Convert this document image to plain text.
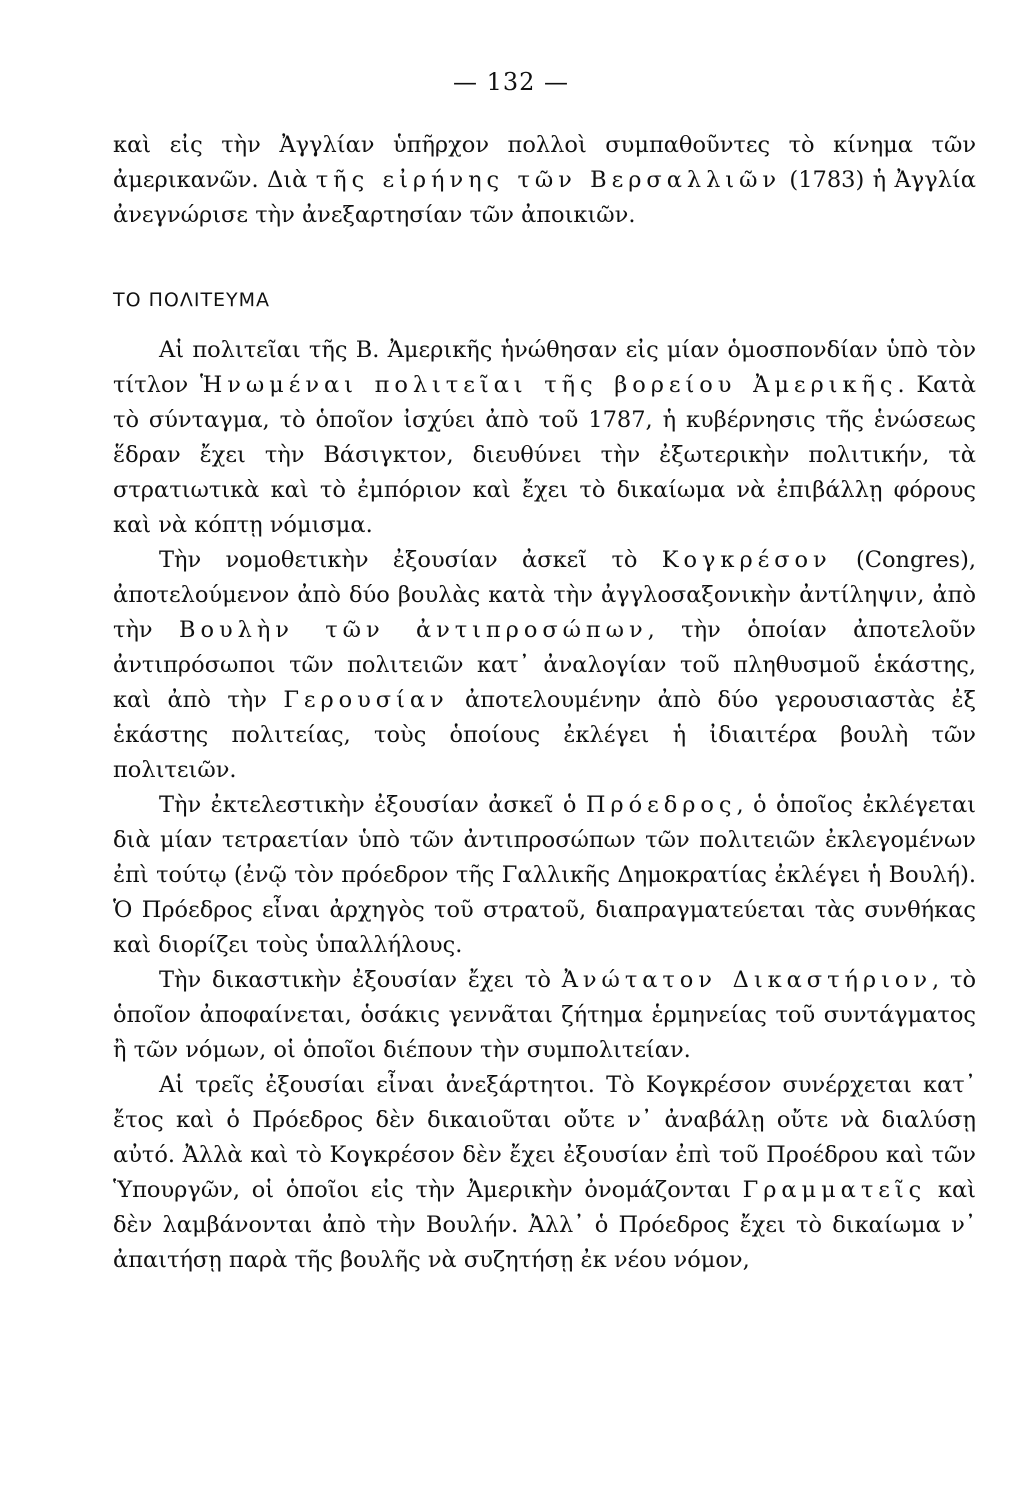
— 132 —

καὶ εἰς τὴν Ἀγγλίαν ὑπῆρχον πολλοὶ συμπαθοῦντες τὸ κίνημα τῶν ἀμερικανῶν. Διὰ τῆς εἰρήνης τῶν Βερσαλλιῶν (1783) ἡ Ἀγγλία ἀνεγνώρισε τὴν ἀνεξαρτησίαν τῶν ἀποικιῶν.

ΤΟ ΠΟΛΙΤΕΥΜΑ

Αἱ πολιτεῖαι τῆς Β. Ἀμερικῆς ἡνώθησαν εἰς μίαν ὁμοσπονδίαν ὑπὸ τὸν τίτλον Ἡνωμέναι πολιτεῖαι τῆς βορείου Ἀμερικῆς. Κατὰ τὸ σύνταγμα, τὸ ὁποῖον ἰσχύει ἀπὸ τοῦ 1787, ἡ κυβέρνησις τῆς ἑνώσεως ἕδραν ἔχει τὴν Βάσιγκτον, διευθύνει τὴν ἐξωτερικὴν πολιτικήν, τὰ στρατιωτικὰ καὶ τὸ ἐμπόριον καὶ ἔχει τὸ δικαίωμα νὰ ἐπιβάλλῃ φόρους καὶ νὰ κόπτῃ νόμισμα.

Τὴν νομοθετικὴν ἐξουσίαν ἀσκεῖ τὸ Κογκρέσον (Congres), ἀποτελούμενον ἀπὸ δύο βουλὰς κατὰ τὴν ἀγγλοσαξονικὴν ἀντίληψιν, ἀπὸ τὴν Βουλὴν τῶν ἀντιπροσώπων, τὴν ὁποίαν ἀποτελοῦν ἀντιπρόσωποι τῶν πολιτειῶν κατ᾽ ἀναλογίαν τοῦ πληθυσμοῦ ἑκάστης, καὶ ἀπὸ τὴν Γερουσίαν ἀποτελουμένην ἀπὸ δύο γερουσιαστὰς ἐξ ἑκάστης πολιτείας, τοὺς ὁποίους ἐκλέγει ἡ ἰδιαιτέρα βουλὴ τῶν πολιτειῶν.

Τὴν ἐκτελεστικὴν ἐξουσίαν ἀσκεῖ ὁ Πρόεδρος, ὁ ὁποῖος ἐκλέγεται διὰ μίαν τετραετίαν ὑπὸ τῶν ἀντιπροσώπων τῶν πολιτειῶν ἐκλεγομένων ἐπὶ τούτῳ (ἐνῷ τὸν πρόεδρον τῆς Γαλλικῆς Δημοκρατίας ἐκλέγει ἡ Βουλή). Ὁ Πρόεδρος εἶναι ἀρχηγὸς τοῦ στρατοῦ, διαπραγματεύεται τὰς συνθήκας καὶ διορίζει τοὺς ὑπαλλήλους.

Τὴν δικαστικὴν ἐξουσίαν ἔχει τὸ Ἀνώτατον Δικαστήριον, τὸ ὁποῖον ἀποφαίνεται, ὁσάκις γεννᾶται ζήτημα ἑρμηνείας τοῦ συντάγματος ἢ τῶν νόμων, οἱ ὁποῖοι διέπουν τὴν συμπολιτείαν.

Αἱ τρεῖς ἐξουσίαι εἶναι ἀνεξάρτητοι. Τὸ Κογκρέσον συνέρχεται κατ᾽ ἔτος καὶ ὁ Πρόεδρος δὲν δικαιοῦται οὔτε ν᾽ ἀναβάλῃ οὔτε νὰ διαλύσῃ αὐτό. Ἀλλὰ καὶ τὸ Κογκρέσον δὲν ἔχει ἐξουσίαν ἐπὶ τοῦ Προέδρου καὶ τῶν Ὑπουργῶν, οἱ ὁποῖοι εἰς τὴν Ἀμερικὴν ὀνομάζονται Γραμματεῖς καὶ δὲν λαμβάνονται ἀπὸ τὴν Βουλήν. Ἀλλ᾽ ὁ Πρόεδρος ἔχει τὸ δικαίωμα ν᾽ ἀπαιτήσῃ παρὰ τῆς βουλῆς νὰ συζητήσῃ ἐκ νέου νόμον,
